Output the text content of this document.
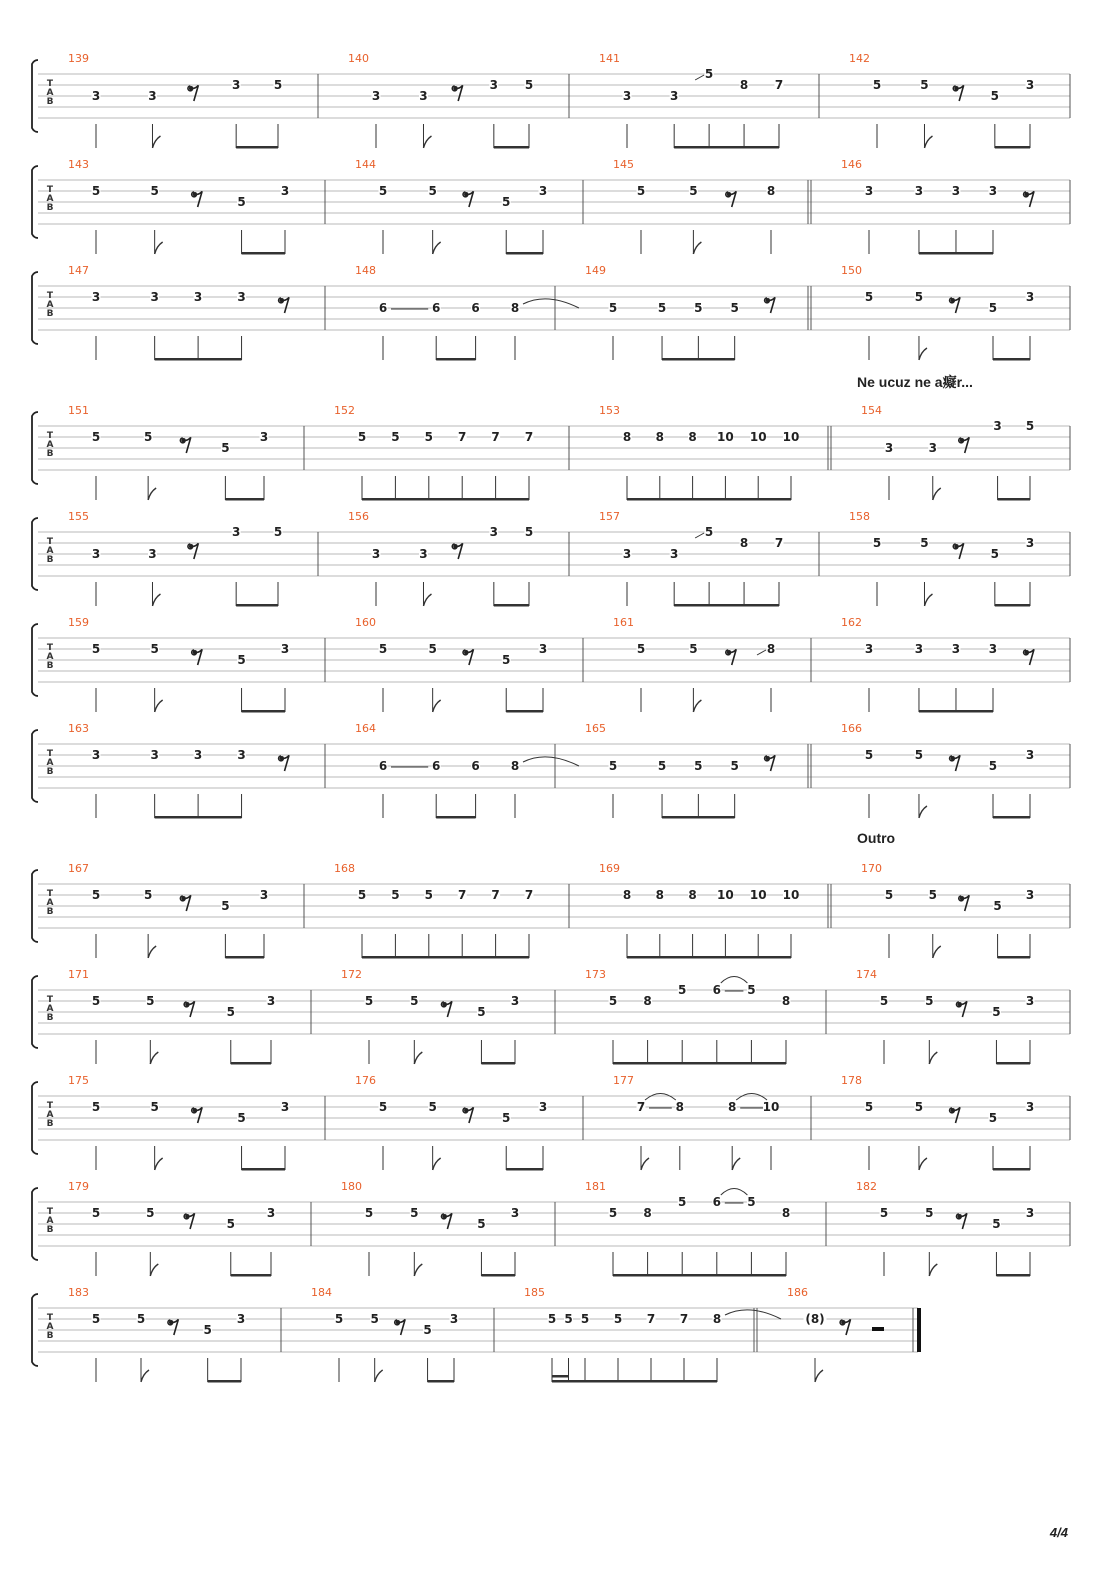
T
A
B
139
3	3
3	5
140
3	3
3 5
141
3	3
5
8 7
142
5	5
5
3
T
A
B
143
5	5
5
3
144
5	5
5
3
145
5	5	8
146
3	3 3 3
T
A
B
147
3	3	3	3
148
6	6	6	8
149
5	5 5 5
150
5	5
5
3
T
A
B
151
5	5
5
3
152
5 5 5 7 7 7
153
8 8 8 10 10 10
154
3	3
3 5
T
A
B
155
3	3
3	5
156
3	3
3 5
157
3	3
5
8 7
158
5	5
5
3
T
A
B
159
5	5
5
3
160
5	5
5
3
161
5	5	8
162
3	3 3 3
T
A
B
163
3	3	3	3
164
6	6	6	8
165
5	5 5 5
166
5	5
5
3
T
A
B
167
5	5
5
3
168
5 5 5 7 7 7
169
8 8 8 10 10 10
170
5	5
5
3
T
A
B
171
5	5
5
3
172
5	5
5
3
173
5 8
5 6 5
8
174
5	5
5
3
T
A
B
175
5	5
5
3
176
5	5
5
3
177
7	8	8 10
178
5	5
5
3
T
A
B
179
5	5
5
3
180
5	5
5
3
181
5 8
5 6 5
8
182
5	5
5
3
T
A
B
183
5	5
5
3
184
5 5
5
3
185
5 5 5 5 7 7 8
186
(8)
Ne ucuz ne a癡r...
Outro
4/4
